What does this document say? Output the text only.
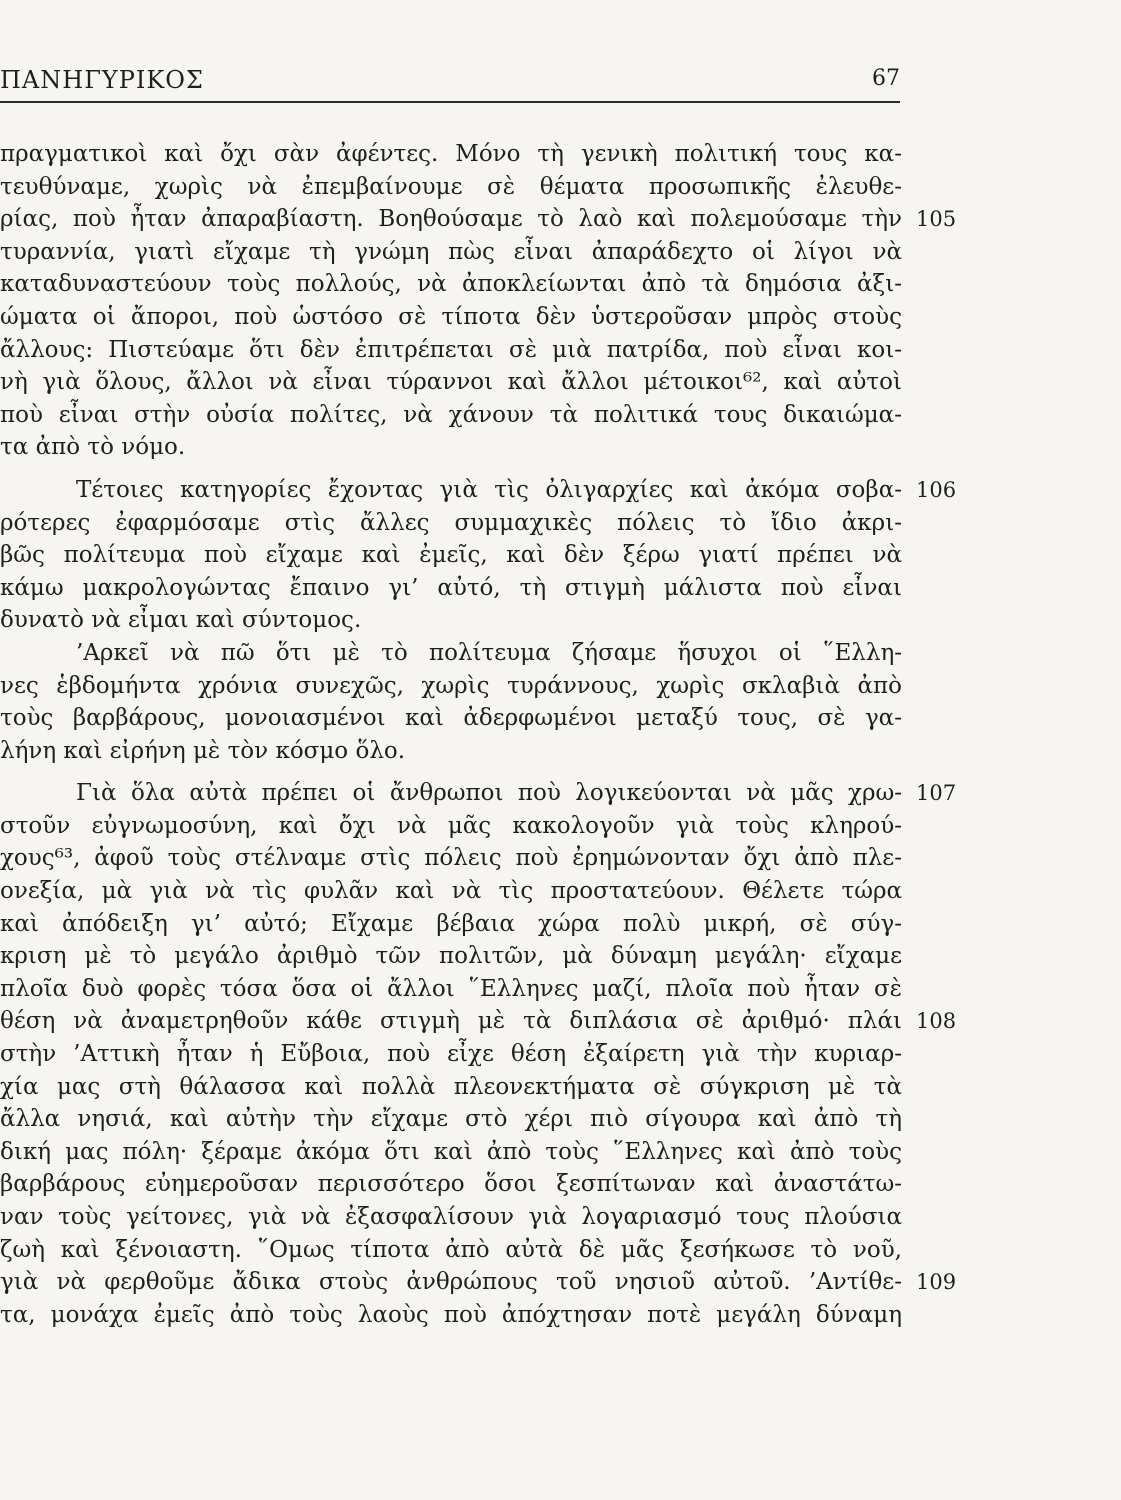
ΠΑΝΗΓΥΡΙΚΟΣ	67
πραγματικοὶ καὶ ὄχι σὰν ἀφέντες. Μόνο τὴ γενικὴ πολιτική τους κα-
τευθύναμε, χωρὶς νὰ ἐπεμβαίνουμε σὲ θέματα προσωπικῆς ἐλευθε-
ρίας, ποὺ ἦταν ἀπαραβίαστη. Βοηθούσαμε τὸ λαὸ καὶ πολεμούσαμε τὴν 105
τυραννία, γιατὶ εἴχαμε τὴ γνώμη πὼς εἶναι ἀπαράδεχτο οἱ λίγοι νὰ
καταδυναστεύουν τοὺς πολλούς, νὰ ἀποκλείωνται ἀπὸ τὰ δημόσια ἀξι-
ώματα οἱ ἄποροι, ποὺ ὡστόσο σὲ τίποτα δὲν ὑστεροῦσαν μπρὸς στοὺς
ἄλλους: Πιστεύαμε ὅτι δὲν ἐπιτρέπεται σὲ μιὰ πατρίδα, ποὺ εἶναι κοι-
νὴ γιὰ ὅλους, ἄλλοι νὰ εἶναι τύραννοι καὶ ἄλλοι μέτοικοι⁶², καὶ αὐτοὶ
ποὺ εἶναι στὴν οὐσία πολίτες, νὰ χάνουν τὰ πολιτικά τους δικαιώμα-
τα ἀπὸ τὸ νόμο.
Τέτοιες κατηγορίες ἔχοντας γιὰ τὶς ὀλιγαρχίες καὶ ἀκόμα σοβα- 106
ρότερες ἐφαρμόσαμε στὶς ἄλλες συμμαχικὲς πόλεις τὸ ἴδιο ἀκρι-
βῶς πολίτευμα ποὺ εἴχαμε καὶ ἐμεῖς, καὶ δὲν ξέρω γιατί πρέπει νὰ
κάμω μακρολογώντας ἔπαινο γι’ αὐτό, τὴ στιγμὴ μάλιστα ποὺ εἶναι
δυνατὸ νὰ εἶμαι καὶ σύντομος.
’Αρκεῖ νὰ πῶ ὅτι μὲ τὸ πολίτευμα ζήσαμε ἥσυχοι οἱ ῞Ελλη-
νες ἑβδομήντα χρόνια συνεχῶς, χωρὶς τυράννους, χωρὶς σκλαβιὰ ἀπὸ
τοὺς βαρβάρους, μονοιασμένοι καὶ ἀδερφωμένοι μεταξύ τους, σὲ γα-
λήνη καὶ εἰρήνη μὲ τὸν κόσμο ὅλο.
Γιὰ ὅλα αὐτὰ πρέπει οἱ ἄνθρωποι ποὺ λογικεύονται νὰ μᾶς χρω- 107
στοῦν εὐγνωμοσύνη, καὶ ὄχι νὰ μᾶς κακολογοῦν γιὰ τοὺς κληρού-
χους⁶³, ἀφοῦ τοὺς στέλναμε στὶς πόλεις ποὺ ἐρημώνονταν ὄχι ἀπὸ πλε-
ονεξία, μὰ γιὰ νὰ τὶς φυλᾶν καὶ νὰ τὶς προστατεύουν. Θέλετε τώρα
καὶ ἀπόδειξη γι’ αὐτό; Εἴχαμε βέβαια χώρα πολὺ μικρή, σὲ σύγ-
κριση μὲ τὸ μεγάλο ἀριθμὸ τῶν πολιτῶν, μὰ δύναμη μεγάλη· εἴχαμε
πλοῖα δυὸ φορὲς τόσα ὅσα οἱ ἄλλοι ῞Ελληνες μαζί, πλοῖα ποὺ ἦταν σὲ
θέση νὰ ἀναμετρηθοῦν κάθε στιγμὴ μὲ τὰ διπλάσια σὲ ἀριθμό· πλάι 108
στὴν ’Αττικὴ ἦταν ἡ Εὔβοια, ποὺ εἶχε θέση ἐξαίρετη γιὰ τὴν κυριαρ-
χία μας στὴ θάλασσα καὶ πολλὰ πλεονεκτήματα σὲ σύγκριση μὲ τὰ
ἄλλα νησιά, καὶ αὐτὴν τὴν εἴχαμε στὸ χέρι πιὸ σίγουρα καὶ ἀπὸ τὴ
δική μας πόλη· ξέραμε ἀκόμα ὅτι καὶ ἀπὸ τοὺς ῞Ελληνες καὶ ἀπὸ τοὺς
βαρβάρους εὐημεροῦσαν περισσότερο ὅσοι ξεσπίτωναν καὶ ἀναστάτω-
ναν τοὺς γείτονες, γιὰ νὰ ἐξασφαλίσουν γιὰ λογαριασμό τους πλούσια
ζωὴ καὶ ξένοιαστη. ῞Ομως τίποτα ἀπὸ αὐτὰ δὲ μᾶς ξεσήκωσε τὸ νοῦ,
γιὰ νὰ φερθοῦμε ἄδικα στοὺς ἀνθρώπους τοῦ νησιοῦ αὐτοῦ. ’Αντίθε- 109
τα, μονάχα ἐμεῖς ἀπὸ τοὺς λαοὺς ποὺ ἀπόχτησαν ποτὲ μεγάλη δύναμη
